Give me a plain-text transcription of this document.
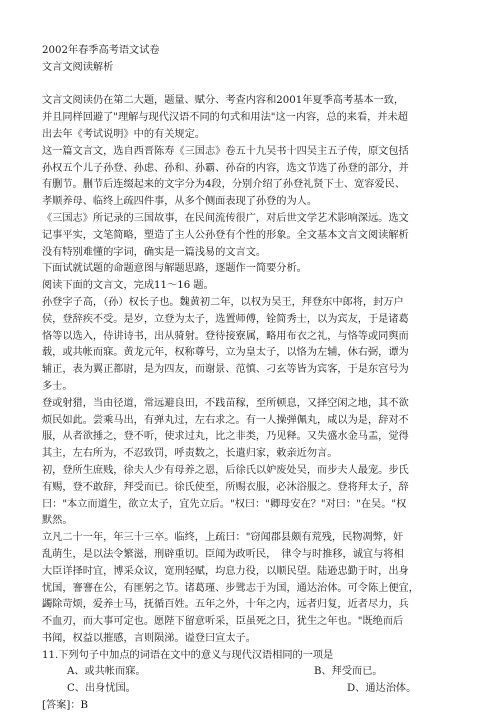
2002年春季高考语文试卷
文言文阅读解析
文言文阅读仍在第二大题，题量、赋分、考查内容和2001年夏季高考基本一致，
并且同样回避了"理解与现代汉语不同的句式和用法"这一内容，总的来看，并未超
出去年《考试说明》中的有关规定。
这一篇文言文，选自西晋陈寿《三国志》卷五十九吴书十四吴主五子传，原文包括
孙权五个儿子孙登、孙虑、孙和、孙霸、孙奋的内容，选文节选了孙登的部分，并
有删节。删节后连缀起来的文字分为4段，分别介绍了孙登礼贤下士、宽容爱民、
孝顺养母、临终上疏四件事，从多个侧面表现了孙登的为人。
《三国志》所记录的三国故事，在民间流传很广，对后世文学艺术影响深远。选文
记事平实，文笔简略，塑造了主人公孙登有个性的形象。全文基本文言文阅读解析
没有特别难懂的字词，确实是一篇浅易的文言文。
下面试就试题的命题意图与解题思路，逐题作一简要分析。
阅读下面的文言文，完成11～16 题。
孙登字子高，（孙）权长子也。魏黄初二年，以权为吴王，拜登东中郎将，封万户
侯，登辞疾不受。是岁，立登为太子，选置师傅，铨简秀士，以为宾友，于是诸葛
恪等以选入，侍讲诗书，出从骑射。登待接寮属，略用布衣之礼，与恪等或同舆而
载，或共帐而寐。黄龙元年，权称尊号，立为皇太子，以恪为左辅，休右弼，谭为
辅正，表为翼正都尉，是为四友，而谢景、范慎、刁玄等皆为宾客，于是东宫号为
多士。
登或射猎，当由径道，常远避良田，不践苗稼，至所顿息，又择空闲之地，其不欲
烦民如此。尝乘马出，有弹丸过，左右求之。有一人操弹佩丸，咸以为是，辞对不
服，从者欲捶之，登不听，使求过丸，比之非类，乃见释。又失盛水金马盂，觉得
其主，左右所为，不忍致罚，呼责数之，长遣归家，敕亲近勿言。
初，登所生庶贱，徐夫人少有母养之恩，后徐氏以妒废处吴，而步夫人最宠。步氏
有赐，登不敢辞，拜受而已。徐氏使至，所赐衣服，必沐浴服之。登将拜太子，辞
曰："本立而道生，欲立太子，宜先立后。"权曰："卿母安在？"对曰："在吴。"权
默然。
立凡二十一年，年三十三卒。临终，上疏曰："窃闻郡县颇有荒残，民物凋弊，奸
乱萌生，是以法令繁滋，刑辟重切。臣闻为政听民，　律令与时推移，诚宜与将相
大臣详择时宜，博采众议，宽刑轻赋，均息力役，以顺民望。陆逊忠勤于时，出身
忧国，謇謇在公，有匪躬之节。诸葛瑾、步骘志于为国，通达治体。可令陈上便宜，
蠲除苛烦，爱养士马，抚循百姓。五年之外，十年之内，远者归复，近者尽力，兵
不血刃，而大事可定也。愿陛下留意听采，臣虽死之日，犹生之年也。"既绝而后
书闻，权益以摧感，言则陨涕。谥登曰宣太子。
11.下列句子中加点的词语在文中的意义与现代汉语相同的一项是
A、或共帐而寐。	B、拜受而已。
C、出身忧国。	D、通达治体。
[答案]：B
